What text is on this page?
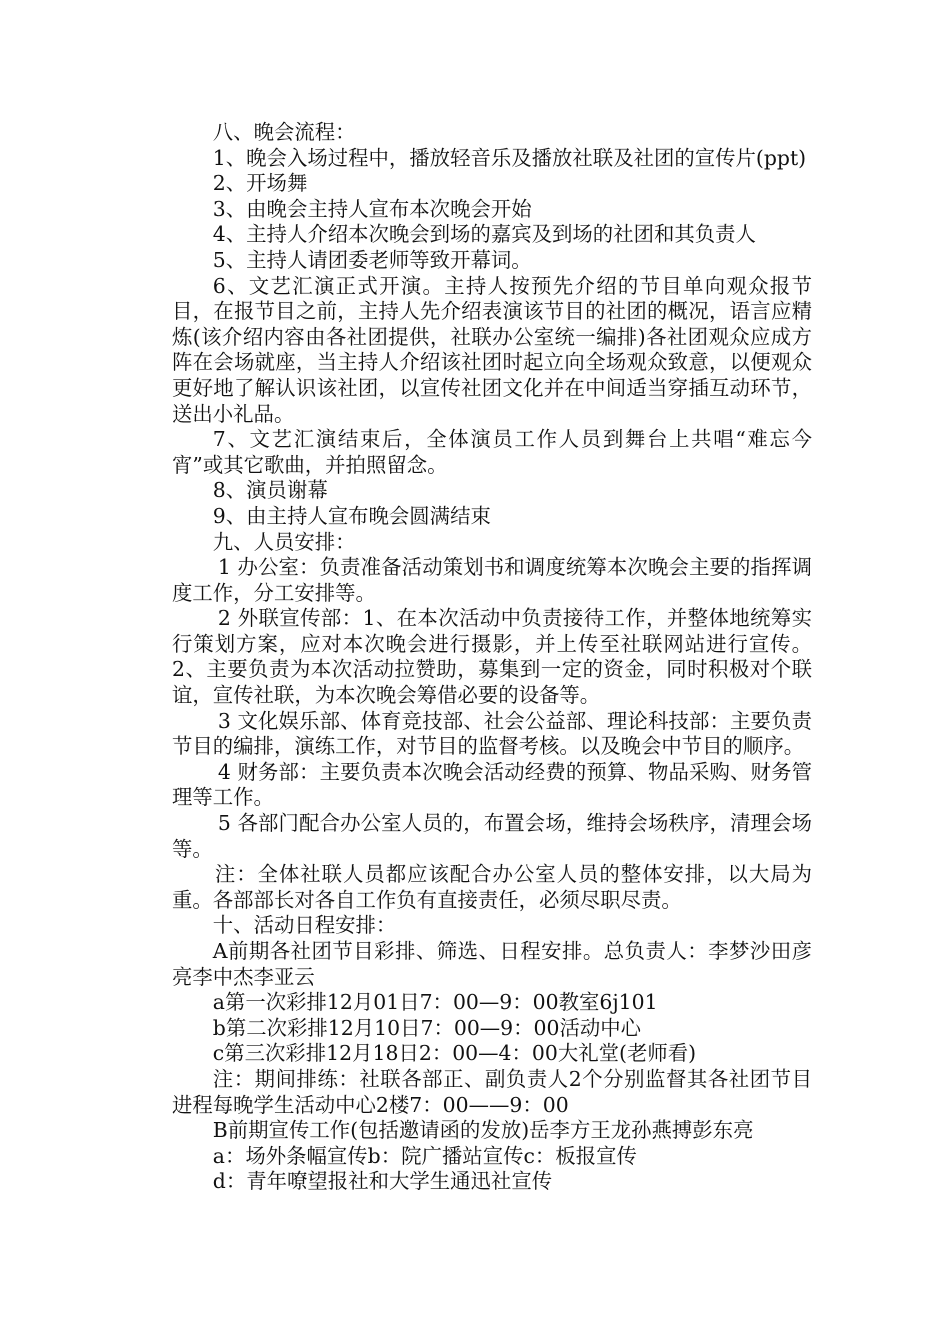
八、晚会流程：

1、晚会入场过程中，播放轻音乐及播放社联及社团的宣传片(ppt)

2、开场舞

3、由晚会主持人宣布本次晚会开始

4、主持人介绍本次晚会到场的嘉宾及到场的社团和其负责人

5、主持人请团委老师等致开幕词。

6、文艺汇演正式开演。主持人按预先介绍的节目单向观众报节目，在报节目之前，主持人先介绍表演该节目的社团的概况，语言应精炼(该介绍内容由各社团提供，社联办公室统一编排)各社团观众应成方阵在会场就座，当主持人介绍该社团时起立向全场观众致意，以便观众更好地了解认识该社团，以宣传社团文化并在中间适当穿插互动环节，送出小礼品。

7、文艺汇演结束后，全体演员工作人员到舞台上共唱“难忘今宵”或其它歌曲，并拍照留念。

8、演员谢幕

9、由主持人宣布晚会圆满结束

九、人员安排：

1 办公室：负责准备活动策划书和调度统筹本次晚会主要的指挥调度工作，分工安排等。

2 外联宣传部：1、在本次活动中负责接待工作，并整体地统筹实行策划方案，应对本次晚会进行摄影，并上传至社联网站进行宣传。2、主要负责为本次活动拉赞助，募集到一定的资金，同时积极对个联谊，宣传社联，为本次晚会筹借必要的设备等。

3 文化娱乐部、体育竞技部、社会公益部、理论科技部：主要负责节目的编排，演练工作，对节目的监督考核。以及晚会中节目的顺序。

4 财务部：主要负责本次晚会活动经费的预算、物品采购、财务管理等工作。

5 各部门配合办公室人员的，布置会场，维持会场秩序，清理会场等。

注：全体社联人员都应该配合办公室人员的整体安排，以大局为重。各部部长对各自工作负有直接责任，必须尽职尽责。

十、活动日程安排：

A前期各社团节目彩排、筛选、日程安排。总负责人：李梦沙田彦亮李中杰李亚云

a第一次彩排12月01日7：00—9：00教室6j101

b第二次彩排12月10日7：00—9：00活动中心

c第三次彩排12月18日2：00—4：00大礼堂(老师看)

注：期间排练：社联各部正、副负责人2个分别监督其各社团节目进程每晚学生活动中心2楼7：00——9：00

B前期宣传工作(包括邀请函的发放)岳李方王龙孙燕搏彭东亮

a：场外条幅宣传b：院广播站宣传c：板报宣传

d：青年嘹望报社和大学生通迅社宣传
